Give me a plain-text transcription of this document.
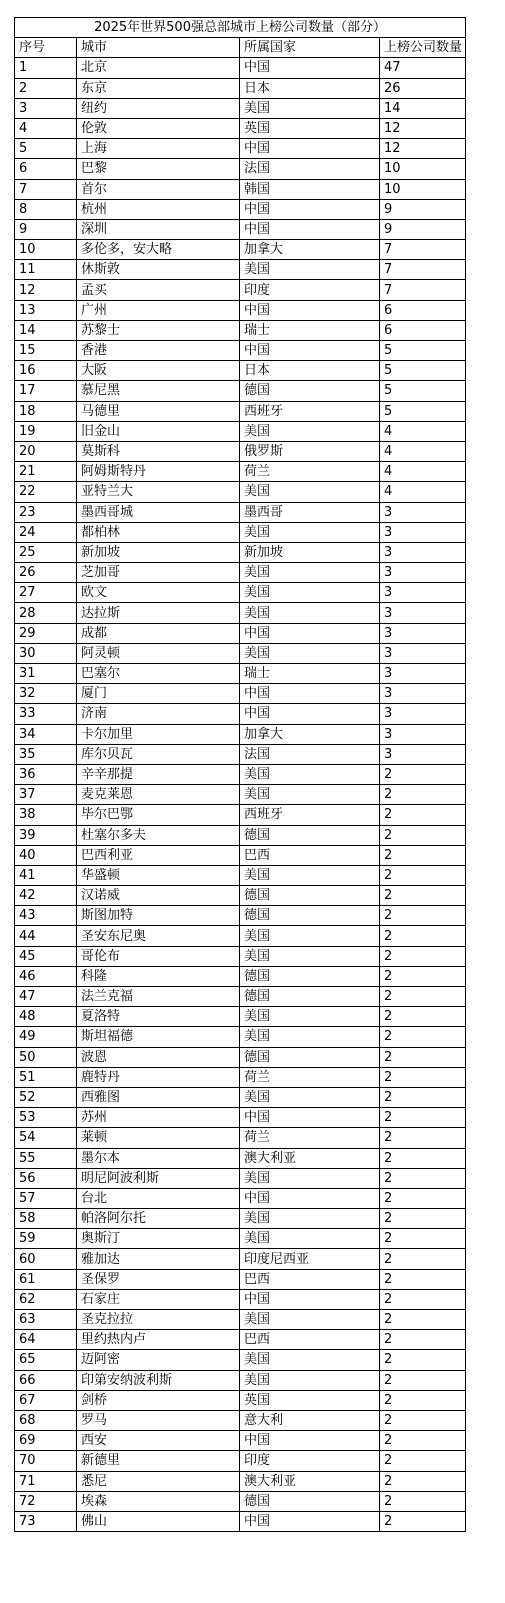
2025年世界500强总部城市上榜公司数量（部分）			
序号	城市	所属国家	上榜公司数量
1	北京	中国	47
2	东京	日本	26
3	纽约	美国	14
4	伦敦	英国	12
5	上海	中国	12
6	巴黎	法国	10
7	首尔	韩国	10
8	杭州	中国	9
9	深圳	中国	9
10	多伦多，安大略	加拿大	7
11	休斯敦	美国	7
12	孟买	印度	7
13	广州	中国	6
14	苏黎士	瑞士	6
15	香港	中国	5
16	大阪	日本	5
17	慕尼黑	德国	5
18	马德里	西班牙	5
19	旧金山	美国	4
20	莫斯科	俄罗斯	4
21	阿姆斯特丹	荷兰	4
22	亚特兰大	美国	4
23	墨西哥城	墨西哥	3
24	都柏林	美国	3
25	新加坡	新加坡	3
26	芝加哥	美国	3
27	欧文	美国	3
28	达拉斯	美国	3
29	成都	中国	3
30	阿灵顿	美国	3
31	巴塞尔	瑞士	3
32	厦门	中国	3
33	济南	中国	3
34	卡尔加里	加拿大	3
35	库尔贝瓦	法国	3
36	辛辛那提	美国	2
37	麦克莱恩	美国	2
38	毕尔巴鄂	西班牙	2
39	杜塞尔多夫	德国	2
40	巴西利亚	巴西	2
41	华盛顿	美国	2
42	汉诺威	德国	2
43	斯图加特	德国	2
44	圣安东尼奥	美国	2
45	哥伦布	美国	2
46	科隆	德国	2
47	法兰克福	德国	2
48	夏洛特	美国	2
49	斯坦福德	美国	2
50	波恩	德国	2
51	鹿特丹	荷兰	2
52	西雅图	美国	2
53	苏州	中国	2
54	莱顿	荷兰	2
55	墨尔本	澳大利亚	2
56	明尼阿波利斯	美国	2
57	台北	中国	2
58	帕洛阿尔托	美国	2
59	奥斯汀	美国	2
60	雅加达	印度尼西亚	2
61	圣保罗	巴西	2
62	石家庄	中国	2
63	圣克拉拉	美国	2
64	里约热内卢	巴西	2
65	迈阿密	美国	2
66	印第安纳波利斯	美国	2
67	剑桥	英国	2
68	罗马	意大利	2
69	西安	中国	2
70	新德里	印度	2
71	悉尼	澳大利亚	2
72	埃森	德国	2
73	佛山	中国	2
